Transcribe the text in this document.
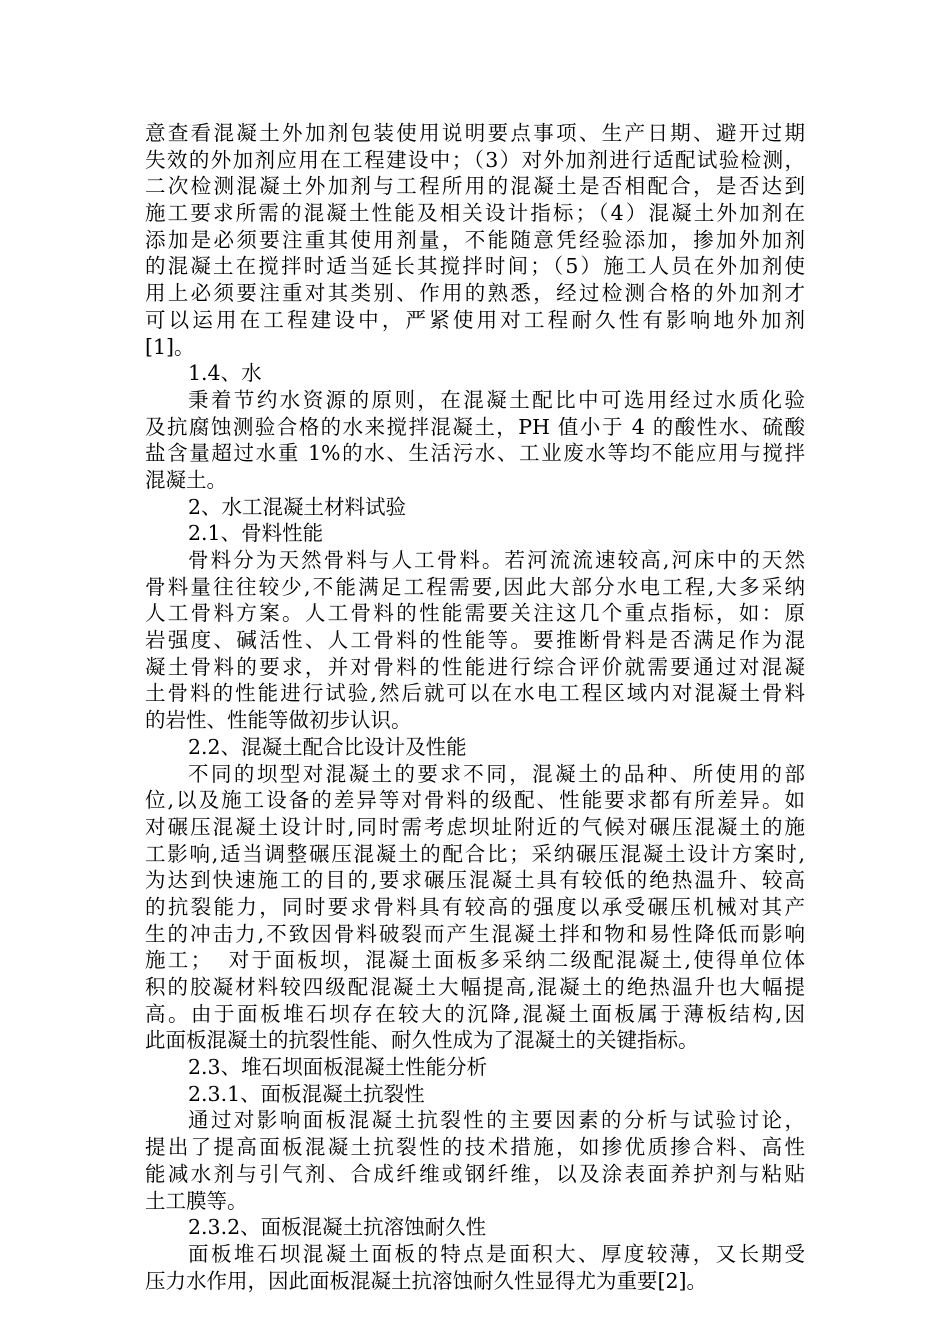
意查看混凝土外加剂包装使用说明要点事项、生产日期、避开过期
失效的外加剂应用在工程建设中；（3）对外加剂进行适配试验检测，
二次检测混凝土外加剂与工程所用的混凝土是否相配合，是否达到
施工要求所需的混凝土性能及相关设计指标；（4）混凝土外加剂在
添加是必须要注重其使用剂量，不能随意凭经验添加，掺加外加剂
的混凝土在搅拌时适当延长其搅拌时间；（5）施工人员在外加剂使
用上必须要注重对其类别、作用的熟悉，经过检测合格的外加剂才
可以运用在工程建设中，严紧使用对工程耐久性有影响地外加剂
[1]。
1.4、水
秉着节约水资源的原则，在混凝土配比中可选用经过水质化验
及抗腐蚀测验合格的水来搅拌混凝土，PH 值小于 4 的酸性水、硫酸
盐含量超过水重 1%的水、生活污水、工业废水等均不能应用与搅拌
混凝土。
2、水工混凝土材料试验
2.1、骨料性能
骨料分为天然骨料与人工骨料。若河流流速较高,河床中的天然
骨料量往往较少,不能满足工程需要,因此大部分水电工程,大多采纳
人工骨料方案。人工骨料的性能需要关注这几个重点指标，如：原
岩强度、碱活性、人工骨料的性能等。要推断骨料是否满足作为混
凝土骨料的要求，并对骨料的性能进行综合评价就需要通过对混凝
土骨料的性能进行试验,然后就可以在水电工程区域内对混凝土骨料
的岩性、性能等做初步认识。
2.2、混凝土配合比设计及性能
不同的坝型对混凝土的要求不同，混凝土的品种、所使用的部
位,以及施工设备的差异等对骨料的级配、性能要求都有所差异。如
对碾压混凝土设计时,同时需考虑坝址附近的气候对碾压混凝土的施
工影响,适当调整碾压混凝土的配合比；采纳碾压混凝土设计方案时,
为达到快速施工的目的,要求碾压混凝土具有较低的绝热温升、较高
的抗裂能力，同时要求骨料具有较高的强度以承受碾压机械对其产
生的冲击力,不致因骨料破裂而产生混凝土拌和物和易性降低而影响
施工；  对于面板坝，混凝土面板多采纳二级配混凝土,使得单位体
积的胶凝材料较四级配混凝土大幅提高,混凝土的绝热温升也大幅提
高。由于面板堆石坝存在较大的沉降,混凝土面板属于薄板结构,因
此面板混凝土的抗裂性能、耐久性成为了混凝土的关键指标。
2.3、堆石坝面板混凝土性能分析
2.3.1、面板混凝土抗裂性
通过对影响面板混凝土抗裂性的主要因素的分析与试验讨论，
提出了提高面板混凝土抗裂性的技术措施，如掺优质掺合料、高性
能减水剂与引气剂、合成纤维或钢纤维，以及涂表面养护剂与粘贴
土工膜等。
2.3.2、面板混凝土抗溶蚀耐久性
面板堆石坝混凝土面板的特点是面积大、厚度较薄，又长期受
压力水作用，因此面板混凝土抗溶蚀耐久性显得尤为重要[2]。
